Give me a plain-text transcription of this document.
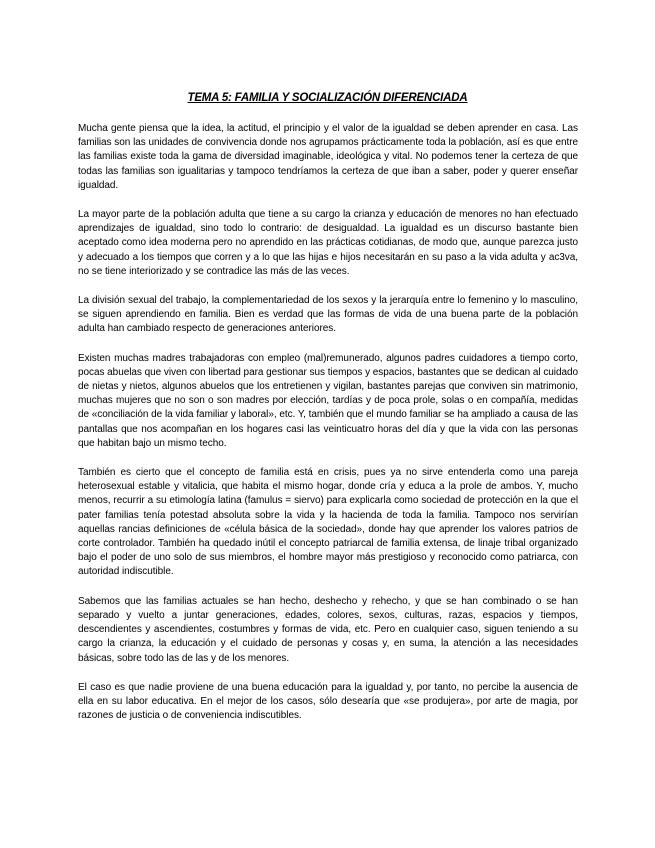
TEMA 5: FAMILIA Y SOCIALIZACIÓN DIFERENCIADA

Mucha gente piensa que la idea, la actitud, el principio y el valor de la igualdad se deben aprender en casa. Las familias son las unidades de convivencia donde nos agrupamos prácticamente toda la población, así es que entre las familias existe toda la gama de diversidad imaginable, ideológica y vital. No podemos tener la certeza de que todas las familias son igualitarias y tampoco tendríamos la certeza de que iban a saber, poder y querer enseñar igualdad.

La mayor parte de la población adulta que tiene a su cargo la crianza y educación de menores no han efectuado aprendizajes de igualdad, sino todo lo contrario: de desigualdad. La igualdad es un discurso bastante bien aceptado como idea moderna pero no aprendido en las prácticas cotidianas, de modo que, aunque parezca justo y adecuado a los tiempos que corren y a lo que las hijas e hijos necesitarán en su paso a la vida adulta y ac3va, no se tiene interiorizado y se contradice las más de las veces.

La división sexual del trabajo, la complementariedad de los sexos y la jerarquía entre lo femenino y lo masculino, se siguen aprendiendo en familia. Bien es verdad que las formas de vida de una buena parte de la población adulta han cambiado respecto de generaciones anteriores.

Existen muchas madres trabajadoras con empleo (mal)remunerado, algunos padres cuidadores a tiempo corto, pocas abuelas que viven con libertad para gestionar sus tiempos y espacios, bastantes que se dedican al cuidado de nietas y nietos, algunos abuelos que los entretienen y vigilan, bastantes parejas que conviven sin matrimonio, muchas mujeres que no son o son madres por elección, tardías y de poca prole, solas o en compañía, medidas de «conciliación de la vida familiar y laboral», etc. Y, también que el mundo familiar se ha ampliado a causa de las pantallas que nos acompañan en los hogares casi las veinticuatro horas del día y que la vida con las personas que habitan bajo un mismo techo.

También es cierto que el concepto de familia está en crisis, pues ya no sirve entenderla como una pareja heterosexual estable y vitalicia, que habita el mismo hogar, donde cría y educa a la prole de ambos. Y, mucho menos, recurrir a su etimología latina (famulus = siervo) para explicarla como sociedad de protección en la que el pater familias tenía potestad absoluta sobre la vida y la hacienda de toda la familia. Tampoco nos servirían aquellas rancias definiciones de «célula básica de la sociedad», donde hay que aprender los valores patrios de corte controlador. También ha quedado inútil el concepto patriarcal de familia extensa, de linaje tribal organizado bajo el poder de uno solo de sus miembros, el hombre mayor más prestigioso y reconocido como patriarca, con autoridad indiscutible.

Sabemos que las familias actuales se han hecho, deshecho y rehecho, y que se han combinado o se han separado y vuelto a juntar generaciones, edades, colores, sexos, culturas, razas, espacios y tiempos, descendientes y ascendientes, costumbres y formas de vida, etc. Pero en cualquier caso, siguen teniendo a su cargo la crianza, la educación y el cuidado de personas y cosas y, en suma, la atención a las necesidades básicas, sobre todo las de las y de los menores.

El caso es que nadie proviene de una buena educación para la igualdad y, por tanto, no percibe la ausencia de ella en su labor educativa. En el mejor de los casos, sólo desearía que «se produjera», por arte de magia, por razones de justicia o de conveniencia indiscutibles.
